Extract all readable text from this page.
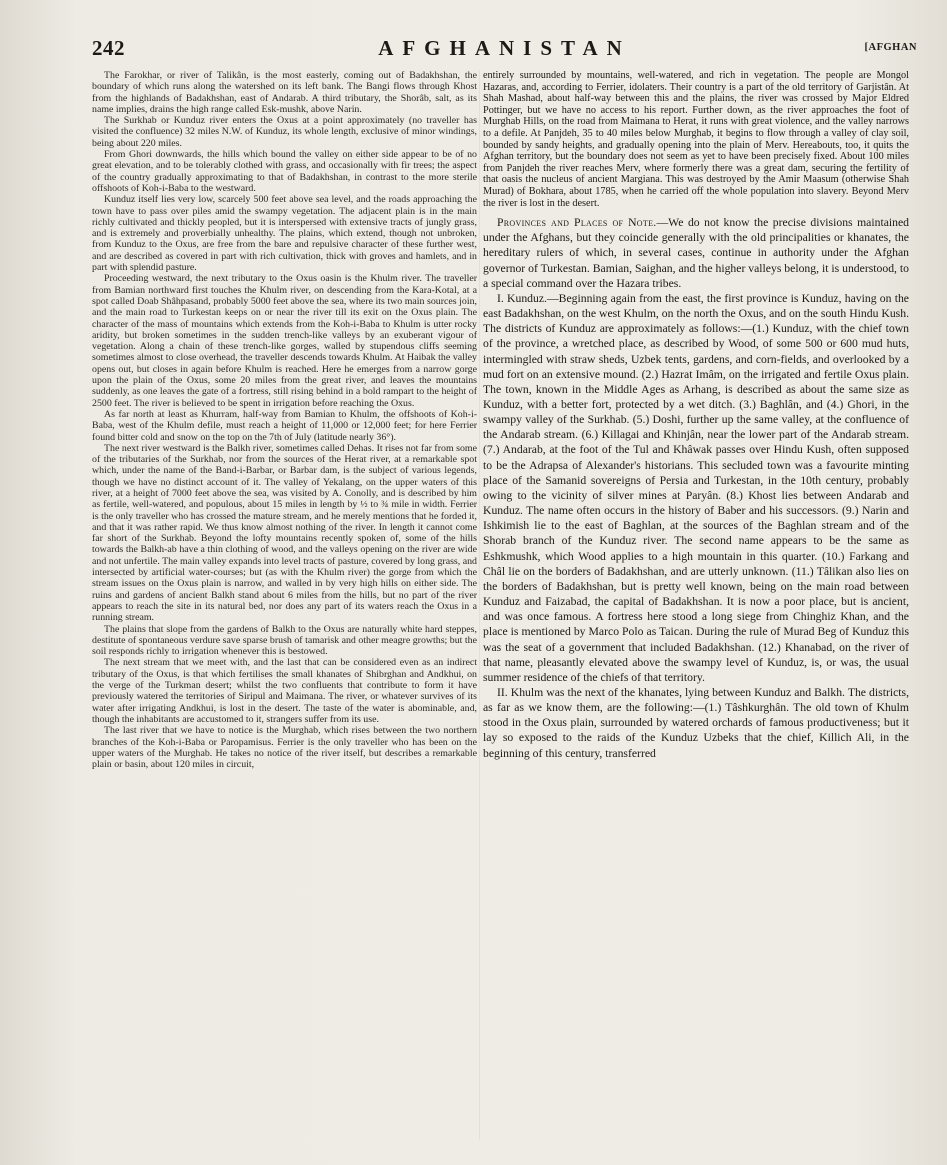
242	AFGHANISTAN	[AFGHAN

The Farokhar, or river of Talikân, is the most easterly, coming out of Badakhshan, the boundary of which runs along the watershed on its left bank. The Bangi flows through Khost from the highlands of Badakhshan, east of Andarab. A third tributary, the Shorâb, salt, as its name implies, drains the high range called Esk-mushk, above Narin.

The Surkhab or Kunduz river enters the Oxus at a point approximately (no traveller has visited the confluence) 32 miles N.W. of Kunduz, its whole length, exclusive of minor windings, being about 220 miles.

From Ghori downwards, the hills which bound the valley on either side appear to be of no great elevation, and to be tolerably clothed with grass, and occasionally with fir trees; the aspect of the country gradually approximating to that of Badakhshan, in contrast to the more sterile offshoots of Koh-i-Baba to the westward.

Kunduz itself lies very low, scarcely 500 feet above sea level, and the roads approaching the town have to pass over piles amid the swampy vegetation. The adjacent plain is in the main richly cultivated and thickly peopled, but it is interspersed with extensive tracts of jungly grass, and is extremely and proverbially unhealthy. The plains, which extend, though not unbroken, from Kunduz to the Oxus, are free from the bare and repulsive character of these further west, and are described as covered in part with rich cultivation, thick with groves and hamlets, and in part with splendid pasture.

Proceeding westward, the next tributary to the Oxus oasin is the Khulm river. The traveller from Bamian northward first touches the Khulm river, on descending from the Kara-Kotal, at a spot called Doab Shâhpasand, probably 5000 feet above the sea, where its two main sources join, and the main road to Turkestan keeps on or near the river till its exit on the Oxus plain. The character of the mass of mountains which extends from the Koh-i-Baba to Khulm is utter rocky aridity, but broken sometimes in the sudden trench-like valleys by an exuberant vigour of vegetation. Along a chain of these trench-like gorges, walled by stupendous cliffs seeming sometimes almost to close overhead, the traveller descends towards Khulm. At Haibak the valley opens out, but closes in again before Khulm is reached. Here he emerges from a narrow gorge upon the plain of the Oxus, some 20 miles from the great river, and leaves the mountains suddenly, as one leaves the gate of a fortress, still rising behind in a bold rampart to the height of 2500 feet. The river is believed to be spent in irrigation before reaching the Oxus.

As far north at least as Khurram, half-way from Bamian to Khulm, the offshoots of Koh-i-Baba, west of the Khulm defile, must reach a height of 11,000 or 12,000 feet; for here Ferrier found bitter cold and snow on the top on the 7th of July (latitude nearly 36°).

The next river westward is the Balkh river, sometimes called Dehas. It rises not far from some of the tributaries of the Surkhab, nor from the sources of the Herat river, at a remarkable spot which, under the name of the Band-i-Barbar, or Barbar dam, is the subject of various legends, though we have no distinct account of it. The valley of Yekalang, on the upper waters of this river, at a height of 7000 feet above the sea, was visited by A. Conolly, and is described by him as fertile, well-watered, and populous, about 15 miles in length by ½ to ¾ mile in width. Ferrier is the only traveller who has crossed the mature stream, and he merely mentions that he forded it, and that it was rather rapid. We thus know almost nothing of the river. In length it cannot come far short of the Surkhab. Beyond the lofty mountains recently spoken of, some of the hills towards the Balkh-ab have a thin clothing of wood, and the valleys opening on the river are wide and not unfertile. The main valley expands into level tracts of pasture, covered by long grass, and intersected by artificial water-courses; but (as with the Khulm river) the gorge from which the stream issues on the Oxus plain is narrow, and walled in by very high hills on either side. The ruins and gardens of ancient Balkh stand about 6 miles from the hills, but no part of the river appears to reach the site in its natural bed, nor does any part of its waters reach the Oxus in a running stream.

The plains that slope from the gardens of Balkh to the Oxus are naturally white hard steppes, destitute of spontaneous verdure save sparse brush of tamarisk and other meagre growths; but the soil responds richly to irrigation whenever this is bestowed.

The next stream that we meet with, and the last that can be considered even as an indirect tributary of the Oxus, is that which fertilises the small khanates of Shibrghan and Andkhui, on the verge of the Turkman desert; whilst the two confluents that contribute to form it have previously watered the territories of Siripul and Maimana. The river, or whatever survives of its water after irrigating Andkhui, is lost in the desert. The taste of the water is abominable, and, though the inhabitants are accustomed to it, strangers suffer from its use.

The last river that we have to notice is the Murghab, which rises between the two northern branches of the Koh-i-Baba or Paropamisus. Ferrier is the only traveller who has been on the upper waters of the Murghab. He takes no notice of the river itself, but describes a remarkable plain or basin, about 120 miles in circuit,

entirely surrounded by mountains, well-watered, and rich in vegetation. The people are Mongol Hazaras, and, according to Ferrier, idolaters. Their country is a part of the old territory of Garjistân. At Shah Mashad, about half-way between this and the plains, the river was crossed by Major Eldred Pottinger, but we have no access to his report. Further down, as the river approaches the foot of Murghab Hills, on the road from Maimana to Herat, it runs with great violence, and the valley narrows to a defile. At Panjdeh, 35 to 40 miles below Murghab, it begins to flow through a valley of clay soil, bounded by sandy heights, and gradually opening into the plain of Merv. Hereabouts, too, it quits the Afghan territory, but the boundary does not seem as yet to have been precisely fixed. About 100 miles from Panjdeh the river reaches Merv, where formerly there was a great dam, securing the fertility of that oasis the nucleus of ancient Margiana. This was destroyed by the Amir Maasum (otherwise Shah Murad) of Bokhara, about 1785, when he carried off the whole population into slavery. Beyond Merv the river is lost in the desert.

Provinces and Places of Note.—We do not know the precise divisions maintained under the Afghans, but they coincide generally with the old principalities or khanates, the hereditary rulers of which, in several cases, continue in authority under the Afghan governor of Turkestan. Bamian, Saighan, and the higher valleys belong, it is understood, to a special command over the Hazara tribes.

I. Kunduz.—Beginning again from the east, the first province is Kunduz, having on the east Badakhshan, on the west Khulm, on the north the Oxus, and on the south Hindu Kush. The districts of Kunduz are approximately as follows:—(1.) Kunduz, with the chief town of the province, a wretched place, as described by Wood, of some 500 or 600 mud huts, intermingled with straw sheds, Uzbek tents, gardens, and corn-fields, and overlooked by a mud fort on an extensive mound. (2.) Hazrat Imâm, on the irrigated and fertile Oxus plain. The town, known in the Middle Ages as Arhang, is described as about the same size as Kunduz, with a better fort, protected by a wet ditch. (3.) Baghlân, and (4.) Ghori, in the swampy valley of the Surkhab. (5.) Doshi, further up the same valley, at the confluence of the Andarab stream. (6.) Killagai and Khinjân, near the lower part of the Andarab stream. (7.) Andarab, at the foot of the Tul and Khâwak passes over Hindu Kush, often supposed to be the Adrapsa of Alexander's historians. This secluded town was a favourite minting place of the Samanid sovereigns of Persia and Turkestan, in the 10th century, probably owing to the vicinity of silver mines at Paryân. (8.) Khost lies between Andarab and Kunduz. The name often occurs in the history of Baber and his successors. (9.) Narin and Ishkimish lie to the east of Baghlan, at the sources of the Baghlan stream and of the Shorab branch of the Kunduz river. The second name appears to be the same as Eshkmushk, which Wood applies to a high mountain in this quarter. (10.) Farkang and Châl lie on the borders of Badakhshan, and are utterly unknown. (11.) Tâlikan also lies on the borders of Badakhshan, but is pretty well known, being on the main road between Kunduz and Faizabad, the capital of Badakhshan. It is now a poor place, but is ancient, and was once famous. A fortress here stood a long siege from Chinghiz Khan, and the place is mentioned by Marco Polo as Taican. During the rule of Murad Beg of Kunduz this was the seat of a government that included Badakhshan. (12.) Khanabad, on the river of that name, pleasantly elevated above the swampy level of Kunduz, is, or was, the usual summer residence of the chiefs of that territory.

II. Khulm was the next of the khanates, lying between Kunduz and Balkh. The districts, as far as we know them, are the following:—(1.) Tâshkurghân. The old town of Khulm stood in the Oxus plain, surrounded by watered orchards of famous productiveness; but it lay so exposed to the raids of the Kunduz Uzbeks that the chief, Killich Ali, in the beginning of this century, transferred
